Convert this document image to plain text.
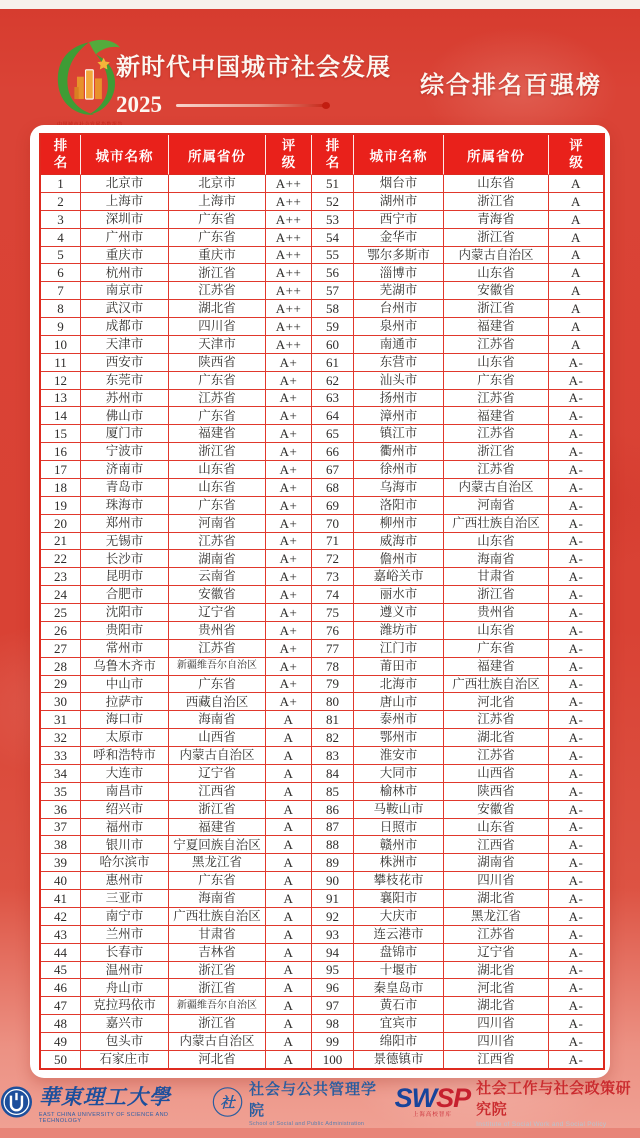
新时代中国城市社会发展
2025
综合排名百强榜
排名	城市名称	所属省份	评级	排名	城市名称	所属省份	评级
1	北京市	北京市	A++	51	烟台市	山东省	A
2	上海市	上海市	A++	52	湖州市	浙江省	A
3	深圳市	广东省	A++	53	西宁市	青海省	A
4	广州市	广东省	A++	54	金华市	浙江省	A
5	重庆市	重庆市	A++	55	鄂尔多斯市	内蒙古自治区	A
6	杭州市	浙江省	A++	56	淄博市	山东省	A
7	南京市	江苏省	A++	57	芜湖市	安徽省	A
8	武汉市	湖北省	A++	58	台州市	浙江省	A
9	成都市	四川省	A++	59	泉州市	福建省	A
10	天津市	天津市	A++	60	南通市	江苏省	A
11	西安市	陕西省	A+	61	东营市	山东省	A-
12	东莞市	广东省	A+	62	汕头市	广东省	A-
13	苏州市	江苏省	A+	63	扬州市	江苏省	A-
14	佛山市	广东省	A+	64	漳州市	福建省	A-
15	厦门市	福建省	A+	65	镇江市	江苏省	A-
16	宁波市	浙江省	A+	66	衢州市	浙江省	A-
17	济南市	山东省	A+	67	徐州市	江苏省	A-
18	青岛市	山东省	A+	68	乌海市	内蒙古自治区	A-
19	珠海市	广东省	A+	69	洛阳市	河南省	A-
20	郑州市	河南省	A+	70	柳州市	广西壮族自治区	A-
21	无锡市	江苏省	A+	71	威海市	山东省	A-
22	长沙市	湖南省	A+	72	儋州市	海南省	A-
23	昆明市	云南省	A+	73	嘉峪关市	甘肃省	A-
24	合肥市	安徽省	A+	74	丽水市	浙江省	A-
25	沈阳市	辽宁省	A+	75	遵义市	贵州省	A-
26	贵阳市	贵州省	A+	76	潍坊市	山东省	A-
27	常州市	江苏省	A+	77	江门市	广东省	A-
28	乌鲁木齐市	新疆维吾尔自治区	A+	78	莆田市	福建省	A-
29	中山市	广东省	A+	79	北海市	广西壮族自治区	A-
30	拉萨市	西藏自治区	A+	80	唐山市	河北省	A-
31	海口市	海南省	A	81	泰州市	江苏省	A-
32	太原市	山西省	A	82	鄂州市	湖北省	A-
33	呼和浩特市	内蒙古自治区	A	83	淮安市	江苏省	A-
34	大连市	辽宁省	A	84	大同市	山西省	A-
35	南昌市	江西省	A	85	榆林市	陕西省	A-
36	绍兴市	浙江省	A	86	马鞍山市	安徽省	A-
37	福州市	福建省	A	87	日照市	山东省	A-
38	银川市	宁夏回族自治区	A	88	赣州市	江西省	A-
39	哈尔滨市	黑龙江省	A	89	株洲市	湖南省	A-
40	惠州市	广东省	A	90	攀枝花市	四川省	A-
41	三亚市	海南省	A	91	襄阳市	湖北省	A-
42	南宁市	广西壮族自治区	A	92	大庆市	黑龙江省	A-
43	兰州市	甘肃省	A	93	连云港市	江苏省	A-
44	长春市	吉林省	A	94	盘锦市	辽宁省	A-
45	温州市	浙江省	A	95	十堰市	湖北省	A-
46	舟山市	浙江省	A	96	秦皇岛市	河北省	A-
47	克拉玛依市	新疆维吾尔自治区	A	97	黄石市	湖北省	A-
48	嘉兴市	浙江省	A	98	宜宾市	四川省	A-
49	包头市	内蒙古自治区	A	99	绵阳市	四川省	A-
50	石家庄市	河北省	A	100	景德镇市	江西省	A-
華東理工大學
EAST CHINA UNIVERSITY OF SCIENCE AND TECHNOLOGY
社
社会与公共管理学院
School of Social and Public Administration
SWSP
上海高校智库
社会工作与社会政策研究院
Institute of Social Work and Social Policy
